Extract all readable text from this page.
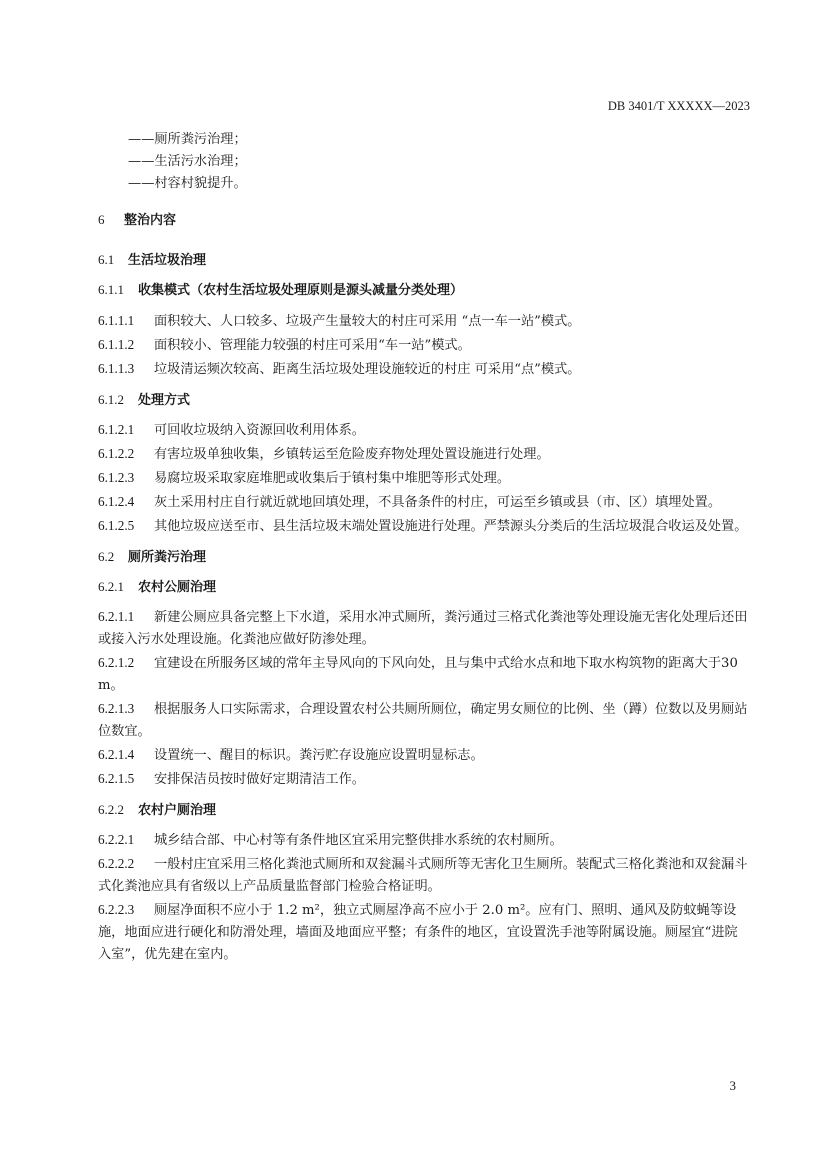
DB 3401/T XXXXX—2023
——厕所粪污治理；
——生活污水治理；
——村容村貌提升。
6 整治内容
6.1 生活垃圾治理
6.1.1 收集模式（农村生活垃圾处理原则是源头减量分类处理）
6.1.1.1 面积较大、人口较多、垃圾产生量较大的村庄可采用 “点一车一站”模式。
6.1.1.2 面积较小、管理能力较强的村庄可采用“车一站”模式。
6.1.1.3 垃圾清运频次较高、距离生活垃圾处理设施较近的村庄 可采用“点”模式。
6.1.2 处理方式
6.1.2.1 可回收垃圾纳入资源回收利用体系。
6.1.2.2 有害垃圾单独收集，乡镇转运至危险废弃物处理处置设施进行处理。
6.1.2.3 易腐垃圾采取家庭堆肥或收集后于镇村集中堆肥等形式处理。
6.1.2.4 灰土采用村庄自行就近就地回填处理，不具备条件的村庄，可运至乡镇或县（市、区）填埋处置。
6.1.2.5 其他垃圾应送至市、县生活垃圾末端处置设施进行处理。严禁源头分类后的生活垃圾混合收运及处置。
6.2 厕所粪污治理
6.2.1 农村公厕治理
6.2.1.1 新建公厕应具备完整上下水道，采用水冲式厕所，粪污通过三格式化粪池等处理设施无害化处理后还田或接入污水处理设施。化粪池应做好防渗处理。
6.2.1.2 宜建设在所服务区域的常年主导风向的下风向处，且与集中式给水点和地下取水构筑物的距离大于30 m。
6.2.1.3 根据服务人口实际需求，合理设置农村公共厕所厕位，确定男女厕位的比例、坐（蹲）位数以及男厕站位数宜。
6.2.1.4 设置统一、醒目的标识。粪污贮存设施应设置明显标志。
6.2.1.5 安排保洁员按时做好定期清洁工作。
6.2.2 农村户厕治理
6.2.2.1 城乡结合部、中心村等有条件地区宜采用完整供排水系统的农村厕所。
6.2.2.2 一般村庄宜采用三格化粪池式厕所和双瓮漏斗式厕所等无害化卫生厕所。装配式三格化粪池和双瓮漏斗式化粪池应具有省级以上产品质量监督部门检验合格证明。
6.2.2.3 厕屋净面积不应小于 1.2 m²，独立式厕屋净高不应小于 2.0 m²。应有门、照明、通风及防蚊蝇等设施，地面应进行硬化和防滑处理，墙面及地面应平整；有条件的地区，宜设置洗手池等附属设施。厕屋宜“进院入室”，优先建在室内。
3
